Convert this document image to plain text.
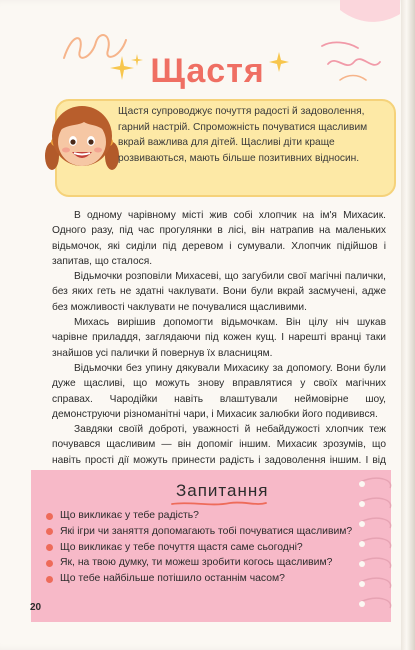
Щастя
Щастя супроводжує почуття радості й задоволення, гарний настрій. Спроможність почуватися щасливим вкрай важлива для дітей. Щасливі діти краще розвиваються, мають більше позитивних відносин.

В одному чарівному місті жив собі хлопчик на ім'я Михасик. Одного разу, під час прогулянки в лісі, він натрапив на маленьких відьмочок, які сиділи під деревом і сумували. Хлопчик підійшов і запитав, що сталося.

Відьмочки розповіли Михасеві, що загубили свої магічні палички, без яких геть не здатні чаклувати. Вони були вкрай засмучені, адже без можливості чаклувати не почувалися щасливими.

Михась вирішив допомогти відьмочкам. Він цілу ніч шукав чарівне приладдя, заглядаючи під кожен кущ. І нарешті вранці таки знайшов усі палички й повернув їх власницям.

Відьмочки без упину дякували Михасику за допомогу. Вони були дуже щасливі, що можуть знову вправлятися у своїх магічних справах. Чародійки навіть влаштували неймовірне шоу, демонструючи різноманітні чари, і Михасик залюбки його подивився.

Завдяки своїй доброті, уважності й небайдужості хлопчик теж почувався щасливим — він допоміг іншим. Михасик зрозумів, що навіть прості дії можуть принести радість і задоволення іншим. І від

Запитання
Що викликає у тебе радість?
Які ігри чи заняття допомагають тобі почуватися щасливим?
Що викликає у тебе почуття щастя саме сьогодні?
Як, на твою думку, ти можеш зробити когось щасливим?
Що тебе найбільше потішило останнім часом?
20
